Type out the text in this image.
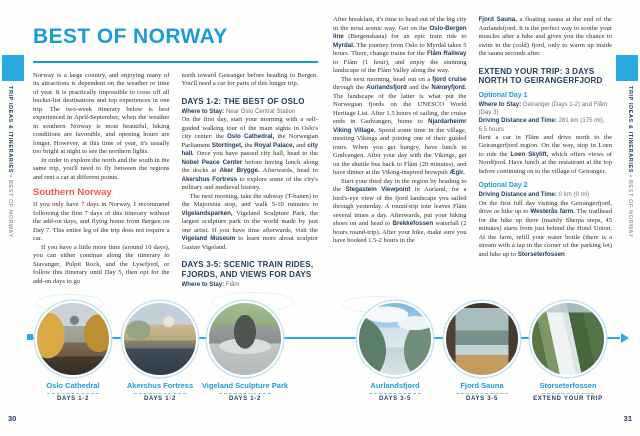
TRIP IDEAS & ITINERARIES • BEST OF NORWAY
30
TRIP IDEAS & ITINERARIES • BEST OF NORWAY
31
BEST OF NORWAY
Norway is a large country, and enjoying many of its attractions is dependent on the weather or time of year. It is practically impossible to cross off all bucket-list destinations and top experiences in one trip. The two-week itinerary below is best experienced in April-September, when the weather in southern Norway is most beautiful, hiking conditions are favorable, and opening hours are longer. However, at this time of year, it's usually too bright at night to see the northern lights.
In order to explore the north and the south in the same trip, you'll need to fly between the regions and rent a car at different points.
Southern Norway
If you only have 7 days in Norway, I recommend following the first 7 days of this itinerary without the add-on days, and flying home from Bergen on Day 7. This entire leg of the trip does not require a car.
If you have a little more time (around 10 days), you can either continue along the itinerary to Stavanger, Pulpit Rock, and the Lysefjord, or follow this itinerary until Day 5, then opt for the add-on days to go
north toward Geiranger before heading to Bergen. You'll need a car for parts of this longer trip.
DAYS 1-2: THE BEST OF OSLO
Where to Stay: Near Oslo Central Station
On the first day, start your morning with a self-guided walking tour of the main sights in Oslo's city center: the Oslo Cathedral, the Norwegian Parliament Stortinget, the Royal Palace, and city hall. Once you have passed city hall, head to the Nobel Peace Center before having lunch along the docks at Aker Brygge. Afterwards, head to Akershus Fortress to explore some of the city's military and medieval history.
The next morning, take the subway (T-banen) to the Majorstua stop, and walk 5-10 minutes to Vigelandsparken, Vigeland Sculpture Park, the largest sculpture park in the world made by just one artist. If you have time afterwards, visit the Vigeland Museum to learn more about sculptor Gustav Vigeland.
DAYS 3-5: SCENIC TRAIN RIDES, FJORDS, AND VIEWS FOR DAYS
Where to Stay: Flåm
After breakfast, it's time to head out of the big city in the most scenic way. Get on the Oslo-Bergen line (Bergensbana) for an epic train ride to Myrdal. The journey from Oslo to Myrdal takes 5 hours. There, change trains for the Flåm Railway to Flåm (1 hour), and enjoy the stunning landscape of the Flåm Valley along the way.
The next morning, head out on a fjord cruise through the Aurlandsfjord and the Nærøyfjord. The landscape of the latter is what put the Norwegian fjords on the UNESCO World Heritage List. After 1.5 hours of sailing, the cruise ends in Gudvangen, home to Njardarheimr Viking Village. Spend some time in the village, meeting Vikings and joining one of their guided tours. When you get hungry, have lunch in Gudvangen. After your day with the Vikings, get on the shuttle bus back to Flåm (20 minutes), and have dinner at the Viking-inspired brewpub Ægir.
Start your third day in the region by heading to the Stegastein Viewpoint in Aurland, for a bird's-eye view of the fjord landscape you sailed through yesterday. A round-trip tour leaves Flåm several times a day. Afterwards, put your hiking shoes on and head to Brekkefossen waterfall (2 hours round-trip). After your hike, make sure you have booked 1.5-2 hours in the
Fjord Sauna, a floating sauna at the end of the Aurlandsfjord. It is the perfect way to soothe your muscles after a hike and gives you the chance to swim in the (cold) fjord, only to warm up inside the sauna seconds after.
EXTEND YOUR TRIP: 3 DAYS NORTH TO GEIRANGERFJORD
Optional Day 1
Where to Stay: Geiranger (Days 1-2) and Flåm (Day 3)
Driving Distance and Time: 281 km (175 mi), 6.5 hours
Rent a car in Flåm and drive north to the Geirangerfjord region. On the way, stop in Loen to ride the Loen Skylift, which offers views of Nordfjord. Have lunch at the restaurant at the top before continuing on to the village of Geiranger.
Optional Day 2
Driving Distance and Time: 0 km (0 mi)
On the first full day visiting the Geirangerfjord, drive or hike up to Westerås farm. The trailhead for the hike up there (mainly Sherpa steps, 45 minutes) starts from just behind the Hotel Union. At the farm, refill your water bottle (there is a stream with a tap in the corner of the parking lot) and hike up to Storseterfossen
Oslo Cathedral
DAYS 1-2
Akershus Fortress
DAYS 1-2
Vigeland Sculpture Park
DAYS 1-2
Aurlandsfjord
DAYS 3-5
Fjord Sauna
DAYS 3-5
Storseterfossen
EXTEND YOUR TRIP
